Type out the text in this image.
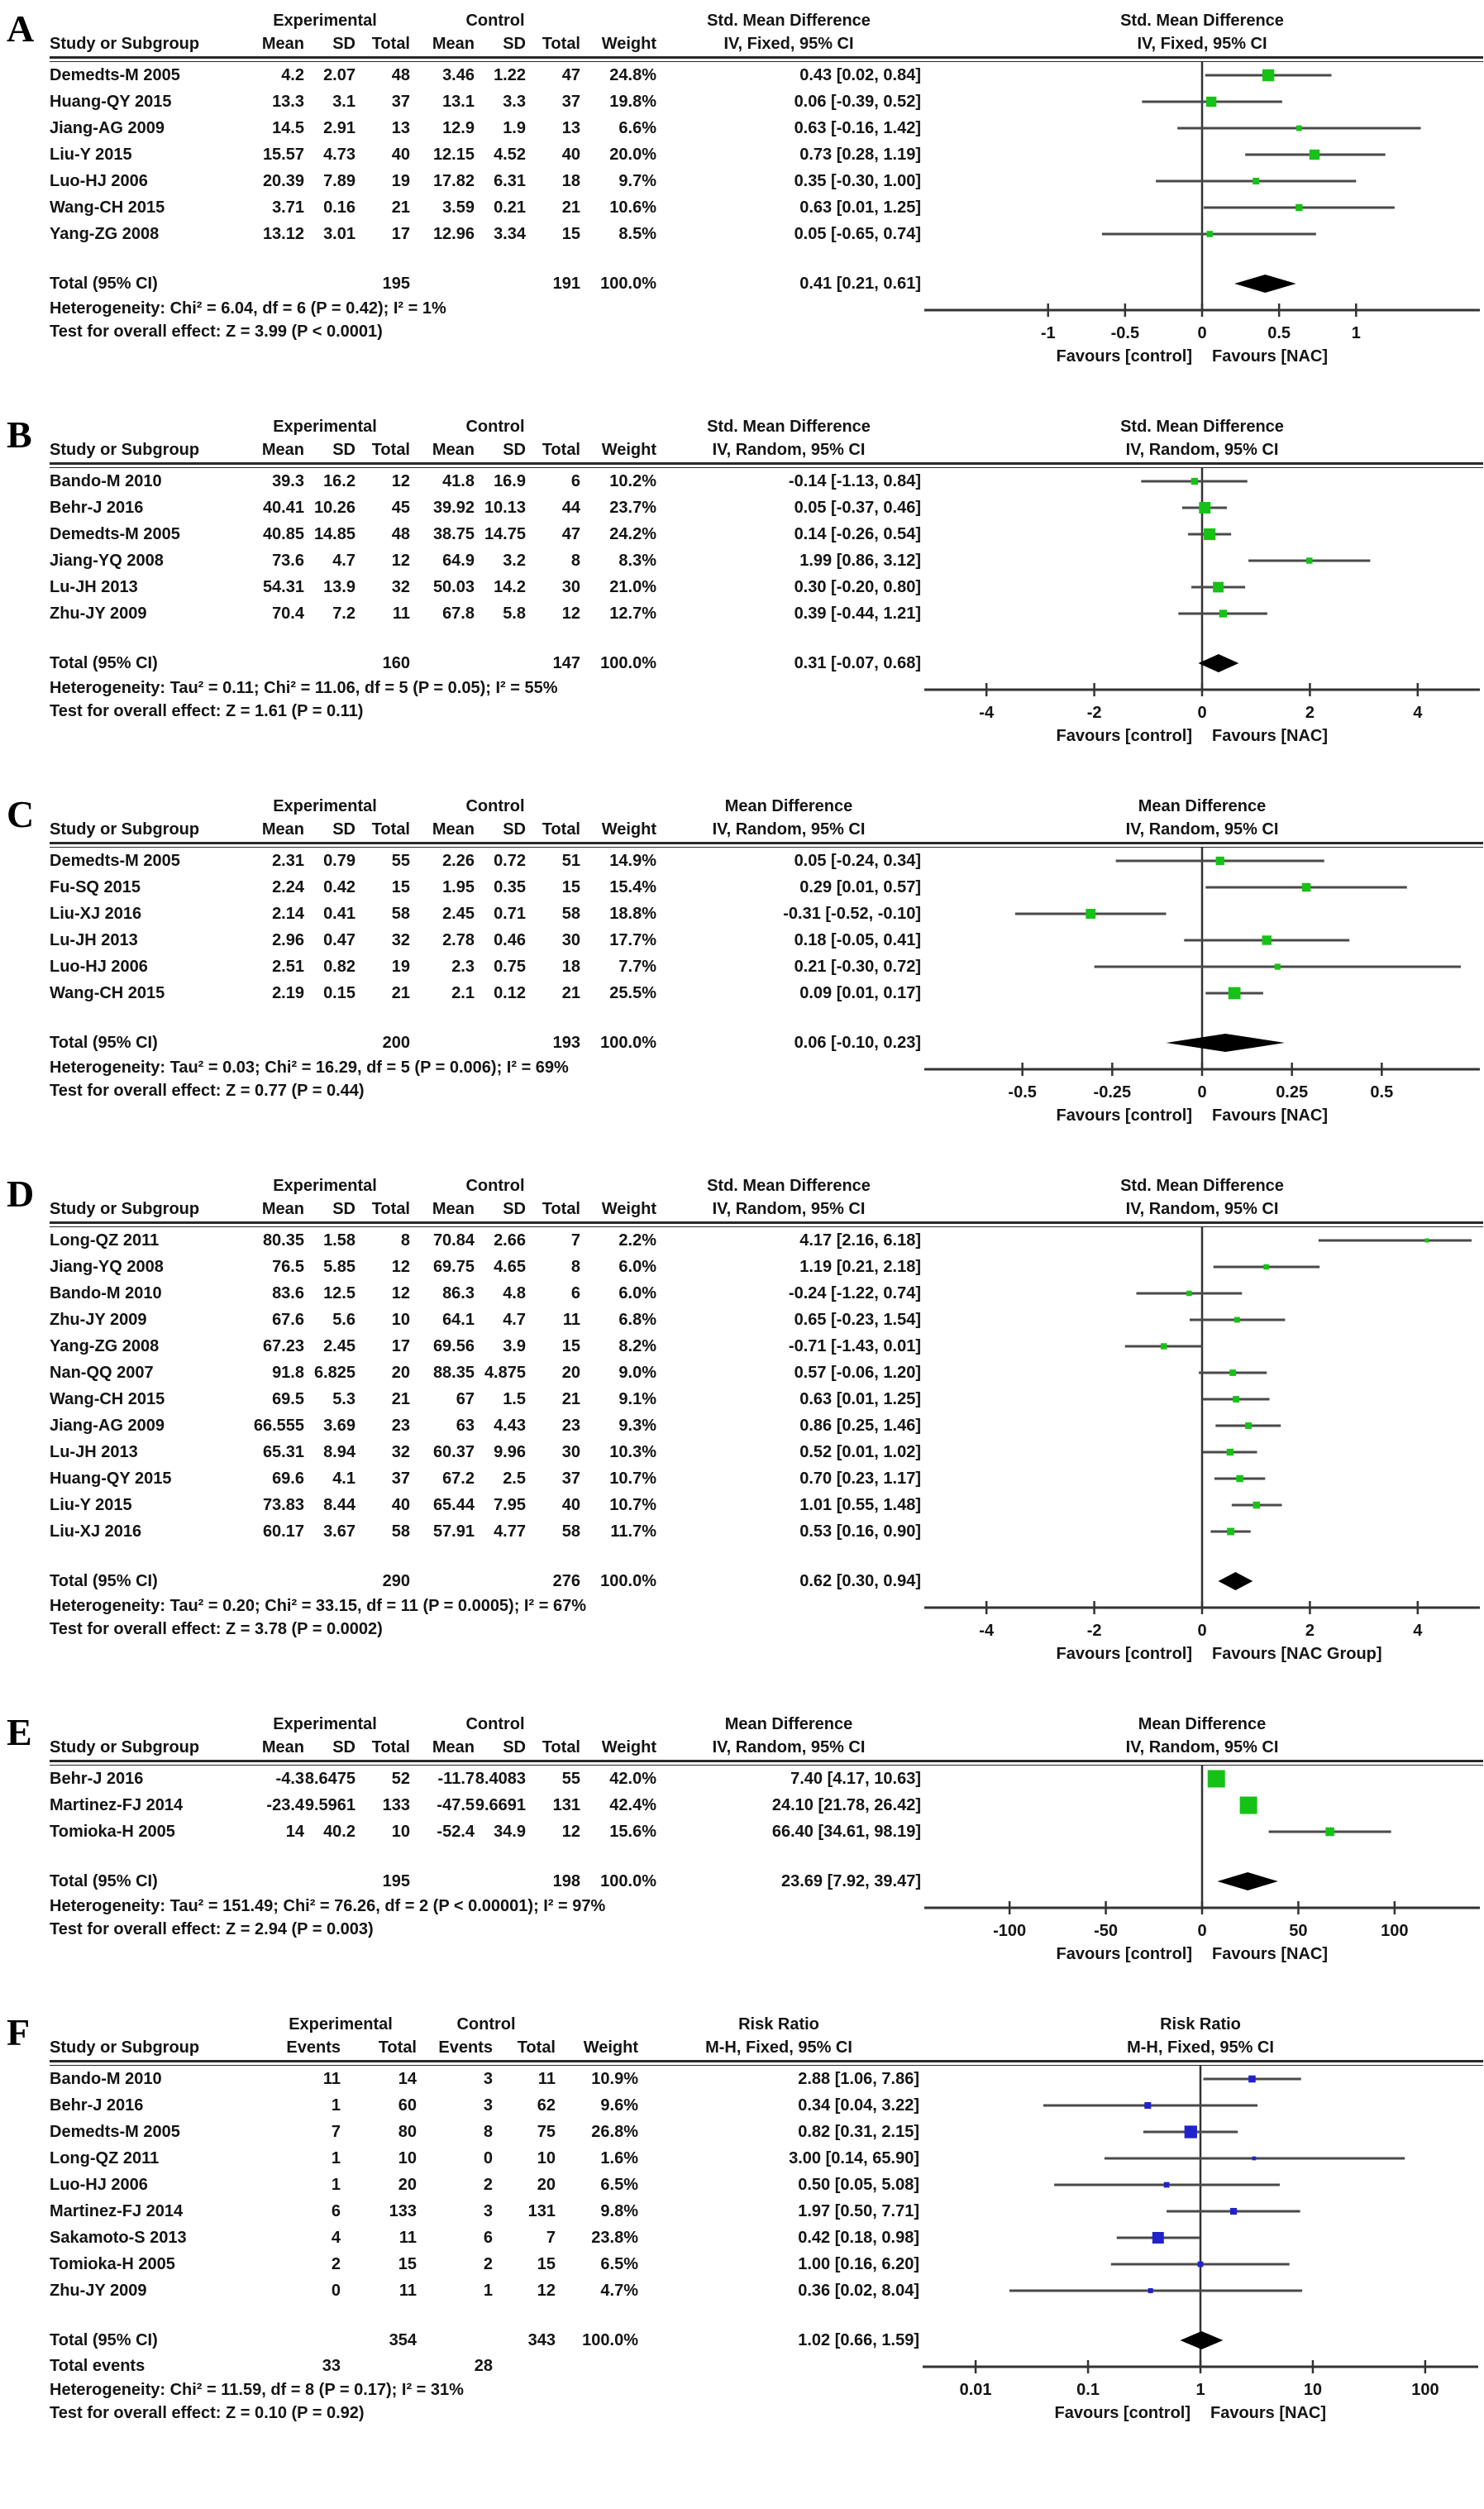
A	Experimental	Control	Std. Mean Difference	Std. Mean Difference
Study or Subgroup	Mean	SD Total	Mean	SD Total	Weight	IV, Fixed, 95% CI	IV, Fixed, 95% CI
Demedts-M 2005	4.2	2.07	48	3.46	1.22	47	24.8%	0.43 [0.02, 0.84]
Huang-QY 2015	13.3	3.1	37	13.1	3.3	37	19.8%	0.06 [-0.39, 0.52]
Jiang-AG 2009	14.5	2.91	13	12.9	1.9	13	6.6%	0.63 [-0.16, 1.42]
Liu-Y 2015	15.57	4.73	40	12.15	4.52	40	20.0%	0.73 [0.28, 1.19]
Luo-HJ 2006	20.39	7.89	19	17.82	6.31	18	9.7%	0.35 [-0.30, 1.00]
Wang-CH 2015	3.71	0.16	21	3.59	0.21	21	10.6%	0.63 [0.01, 1.25]
Yang-ZG 2008	13.12	3.01	17	12.96	3.34	15	8.5%	0.05 [-0.65, 0.74]
Total (95% CI)	195	191	100.0%	0.41 [0.21, 0.61]
Heterogeneity: Chi² = 6.04, df = 6 (P = 0.42); I² = 1%
Test for overall effect: Z = 3.99 (P < 0.0001)	-1	-0.5	0	0.5	1
Favours [control] Favours [NAC]
B	Experimental	Control	Std. Mean Difference	Std. Mean Difference
Study or Subgroup	Mean	SD Total	Mean	SD Total	Weight	IV, Random, 95% CI	IV, Random, 95% CI
Bando-M 2010	39.3	16.2	12	41.8	16.9	6	10.2%	-0.14 [-1.13, 0.84]
Behr-J 2016	40.41 10.26	45	39.92 10.13	44	23.7%	0.05 [-0.37, 0.46]
Demedts-M 2005	40.85 14.85	48	38.75 14.75	47	24.2%	0.14 [-0.26, 0.54]
Jiang-YQ 2008	73.6	4.7	12	64.9	3.2	8	8.3%	1.99 [0.86, 3.12]
Lu-JH 2013	54.31	13.9	32	50.03	14.2	30	21.0%	0.30 [-0.20, 0.80]
Zhu-JY 2009	70.4	7.2	11	67.8	5.8	12	12.7%	0.39 [-0.44, 1.21]
Total (95% CI)	160	147	100.0%	0.31 [-0.07, 0.68]
Heterogeneity: Tau² = 0.11; Chi² = 11.06, df = 5 (P = 0.05); I² = 55%
Test for overall effect: Z = 1.61 (P = 0.11)	-4	-2	0	2	4
Favours [control] Favours [NAC]
C	Experimental	Control	Mean Difference	Mean Difference
Study or Subgroup	Mean	SD Total	Mean	SD Total	Weight	IV, Random, 95% CI	IV, Random, 95% CI
Demedts-M 2005	2.31	0.79	55	2.26	0.72	51	14.9%	0.05 [-0.24, 0.34]
Fu-SQ 2015	2.24	0.42	15	1.95	0.35	15	15.4%	0.29 [0.01, 0.57]
Liu-XJ 2016	2.14	0.41	58	2.45	0.71	58	18.8%	-0.31 [-0.52, -0.10]
Lu-JH 2013	2.96	0.47	32	2.78	0.46	30	17.7%	0.18 [-0.05, 0.41]
Luo-HJ 2006	2.51	0.82	19	2.3	0.75	18	7.7%	0.21 [-0.30, 0.72]
Wang-CH 2015	2.19	0.15	21	2.1	0.12	21	25.5%	0.09 [0.01, 0.17]
Total (95% CI)	200	193	100.0%	0.06 [-0.10, 0.23]
Heterogeneity: Tau² = 0.03; Chi² = 16.29, df = 5 (P = 0.006); I² = 69%
Test for overall effect: Z = 0.77 (P = 0.44)	-0.5	-0.25	0	0.25	0.5
Favours [control] Favours [NAC]
D	Experimental	Control	Std. Mean Difference	Std. Mean Difference
Study or Subgroup	Mean	SD Total	Mean	SD Total	Weight	IV, Random, 95% CI	IV, Random, 95% CI
Long-QZ 2011	80.35	1.58	8	70.84	2.66	7	2.2%	4.17 [2.16, 6.18]
Jiang-YQ 2008	76.5	5.85	12	69.75	4.65	8	6.0%	1.19 [0.21, 2.18]
Bando-M 2010	83.6	12.5	12	86.3	4.8	6	6.0%	-0.24 [-1.22, 0.74]
Zhu-JY 2009	67.6	5.6	10	64.1	4.7	11	6.8%	0.65 [-0.23, 1.54]
Yang-ZG 2008	67.23	2.45	17	69.56	3.9	15	8.2%	-0.71 [-1.43, 0.01]
Nan-QQ 2007	91.8 6.825	20	88.35 4.875	20	9.0%	0.57 [-0.06, 1.20]
Wang-CH 2015	69.5	5.3	21	67	1.5	21	9.1%	0.63 [0.01, 1.25]
Jiang-AG 2009	66.555	3.69	23	63	4.43	23	9.3%	0.86 [0.25, 1.46]
Lu-JH 2013	65.31	8.94	32	60.37	9.96	30	10.3%	0.52 [0.01, 1.02]
Huang-QY 2015	69.6	4.1	37	67.2	2.5	37	10.7%	0.70 [0.23, 1.17]
Liu-Y 2015	73.83	8.44	40	65.44	7.95	40	10.7%	1.01 [0.55, 1.48]
Liu-XJ 2016	60.17	3.67	58	57.91	4.77	58	11.7%	0.53 [0.16, 0.90]
Total (95% CI)	290	276	100.0%	0.62 [0.30, 0.94]
Heterogeneity: Tau² = 0.20; Chi² = 33.15, df = 11 (P = 0.0005); I² = 67%
Test for overall effect: Z = 3.78 (P = 0.0002)	-4	-2	0	2	4
Favours [control] Favours [NAC Group]
E	Experimental	Control	Mean Difference	Mean Difference
Study or Subgroup	Mean	SD Total	Mean	SD Total	Weight	IV, Random, 95% CI	IV, Random, 95% CI
Behr-J 2016	-4.3 8.6475	52	-11.7 8.4083	55	42.0%	7.40 [4.17, 10.63]
Martinez-FJ 2014	-23.4 9.5961	133	-47.5 9.6691	131	42.4%	24.10 [21.78, 26.42]
Tomioka-H 2005	14	40.2	10	-52.4	34.9	12	15.6%	66.40 [34.61, 98.19]
Total (95% CI)	195	198	100.0%	23.69 [7.92, 39.47]
Heterogeneity: Tau² = 151.49; Chi² = 76.26, df = 2 (P < 0.00001); I² = 97%
Test for overall effect: Z = 2.94 (P = 0.003)	-100	-50	0	50	100
Favours [control] Favours [NAC]
F	Experimental	Control	Risk Ratio	Risk Ratio
Study or Subgroup	Events	Total	Events	Total	Weight	M-H, Fixed, 95% CI	M-H, Fixed, 95% CI
Bando-M 2010	11	14	3	11	10.9%	2.88 [1.06, 7.86]
Behr-J 2016	1	60	3	62	9.6%	0.34 [0.04, 3.22]
Demedts-M 2005	7	80	8	75	26.8%	0.82 [0.31, 2.15]
Long-QZ 2011	1	10	0	10	1.6%	3.00 [0.14, 65.90]
Luo-HJ 2006	1	20	2	20	6.5%	0.50 [0.05, 5.08]
Martinez-FJ 2014	6	133	3	131	9.8%	1.97 [0.50, 7.71]
Sakamoto-S 2013	4	11	6	7	23.8%	0.42 [0.18, 0.98]
Tomioka-H 2005	2	15	2	15	6.5%	1.00 [0.16, 6.20]
Zhu-JY 2009	0	11	1	12	4.7%	0.36 [0.02, 8.04]
Total (95% CI)	354	343	100.0%	1.02 [0.66, 1.59]
Total events	33	28
Heterogeneity: Chi² = 11.59, df = 8 (P = 0.17); I² = 31%
Test for overall effect: Z = 0.10 (P = 0.92)
0.01	0.1	1	10	100
Favours [control] Favours [NAC]
